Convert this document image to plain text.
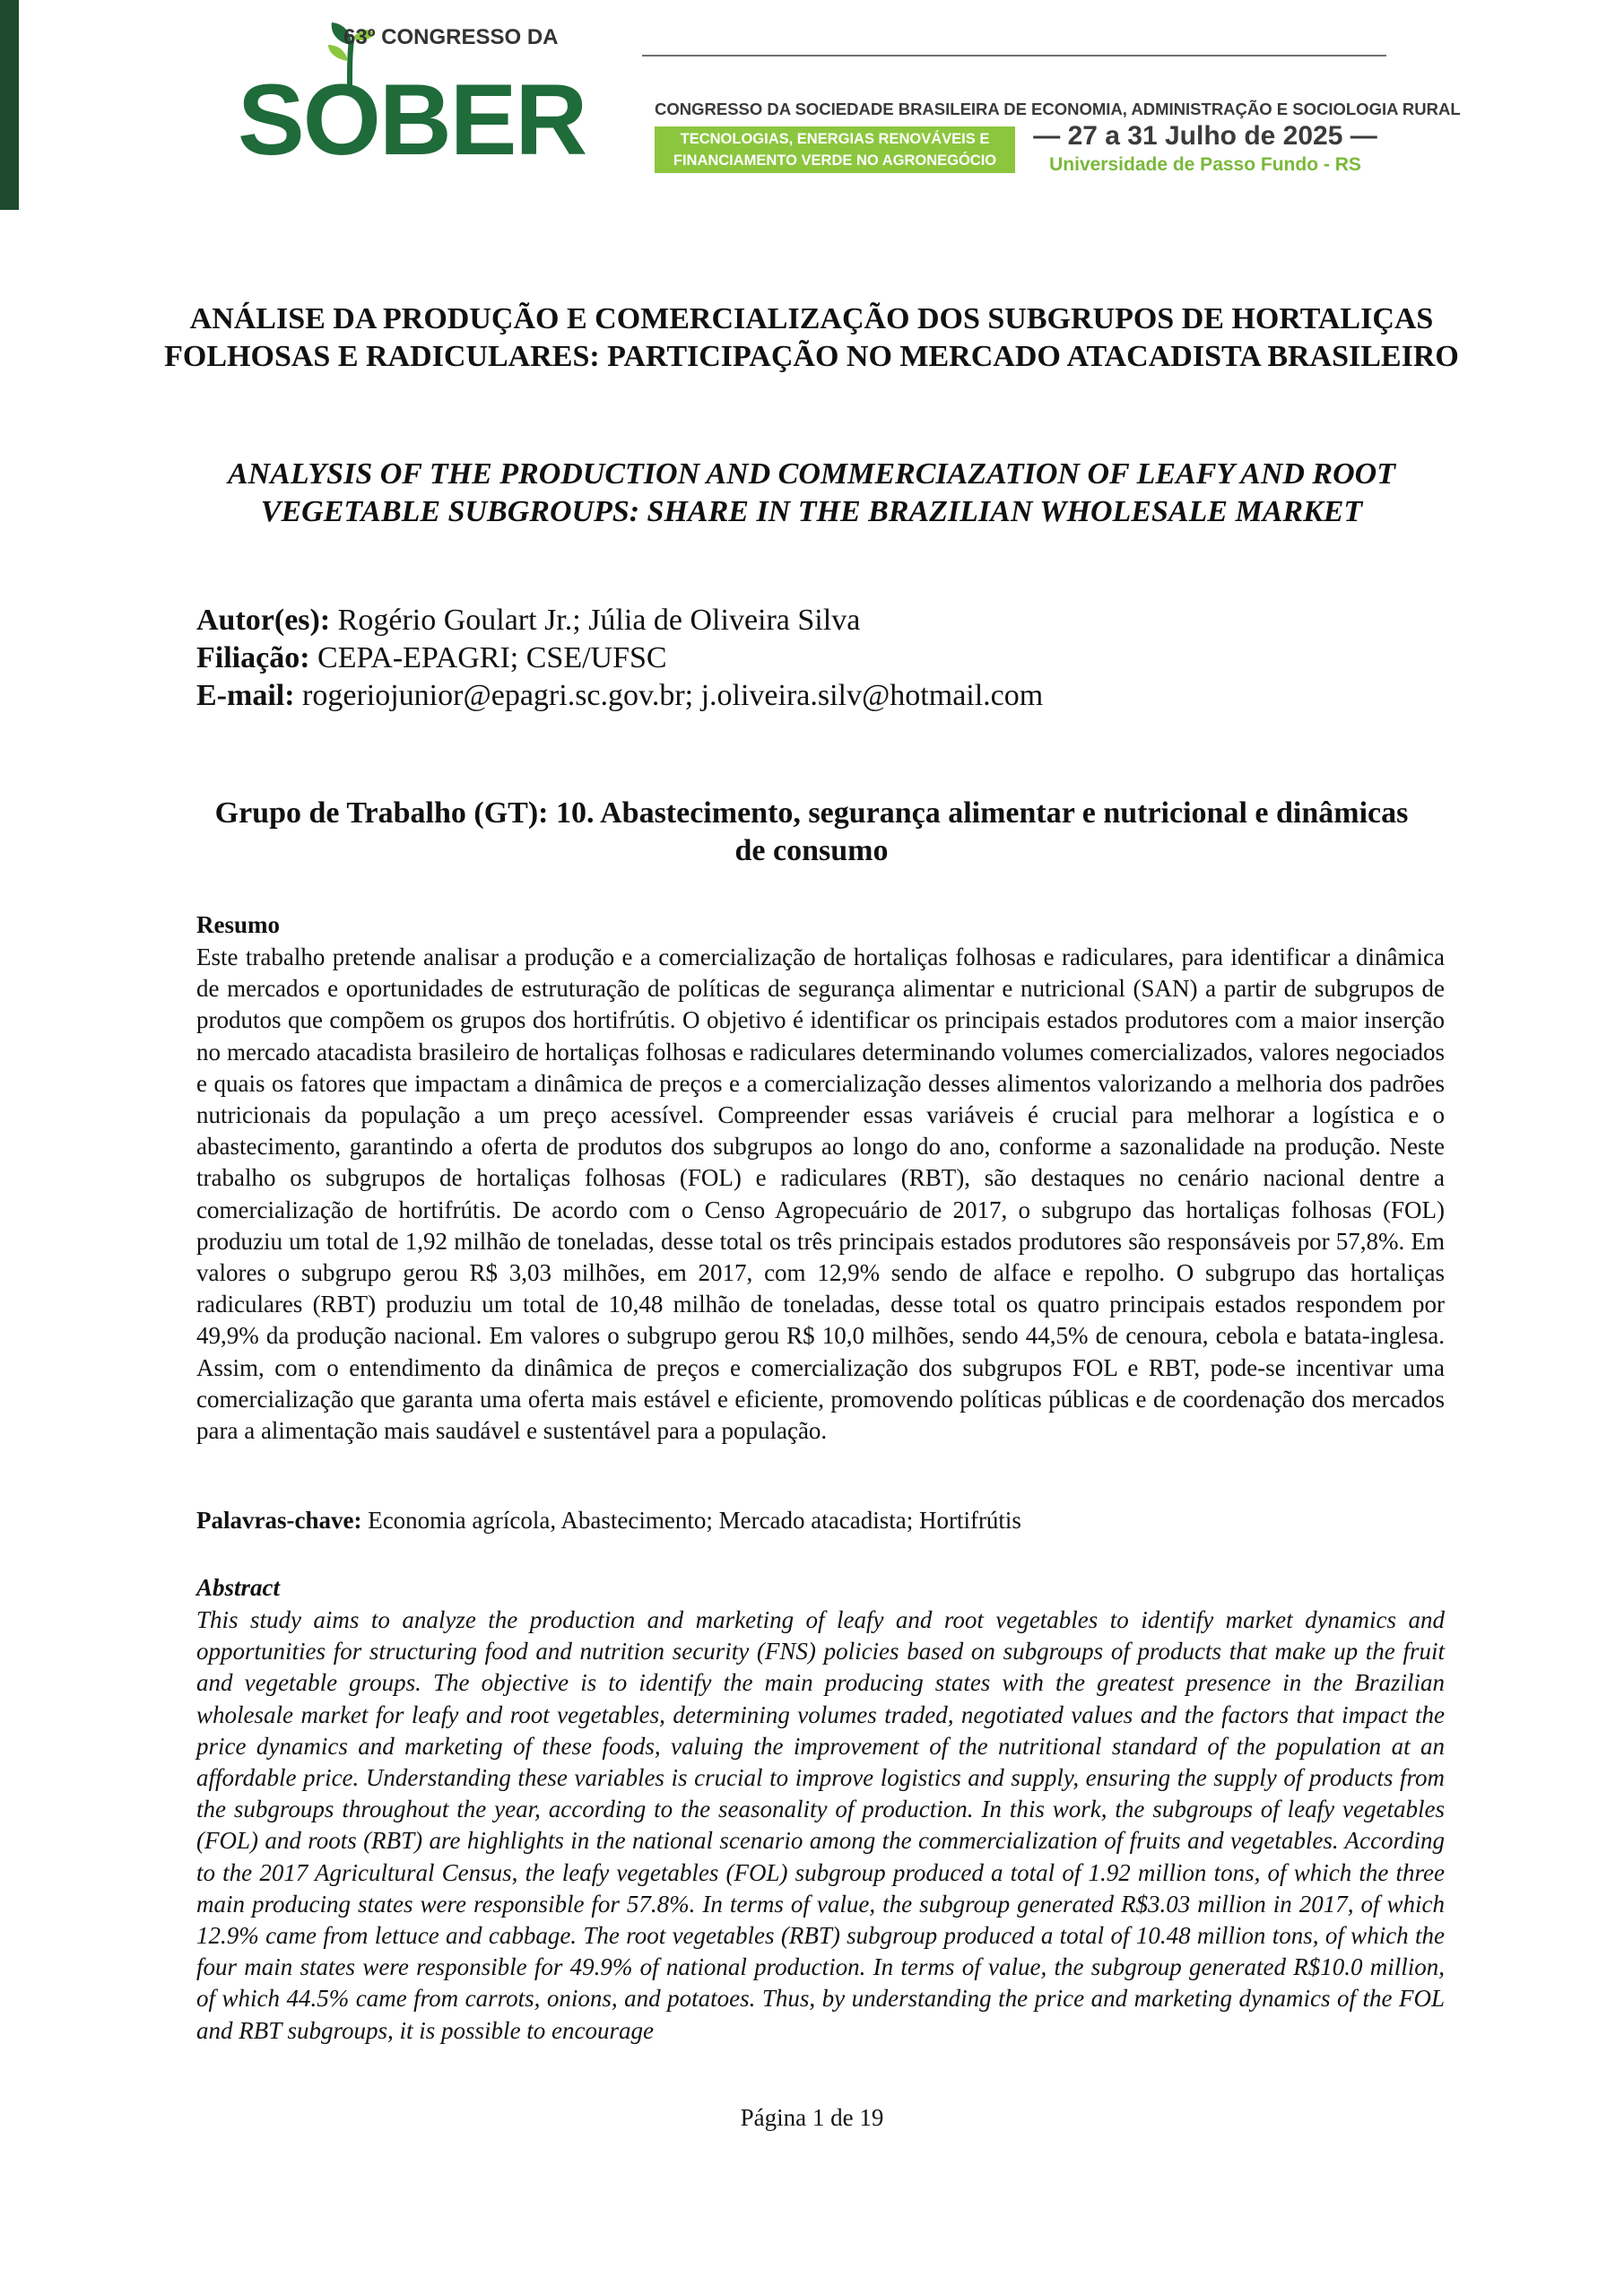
63º CONGRESSO DA
SOBER	CONGRESSO DA SOCIEDADE BRASILEIRA DE ECONOMIA, ADMINISTRAÇÃO E SOCIOLOGIA RURAL
TECNOLOGIAS, ENERGIAS RENOVÁVEIS E
FINANCIAMENTO VERDE NO AGRONEGÓCIO
— 27 a 31 Julho de 2025 —
Universidade de Passo Fundo - RS
ANÁLISE DA PRODUÇÃO E COMERCIALIZAÇÃO DOS SUBGRUPOS DE HORTALIÇAS FOLHOSAS E RADICULARES: PARTICIPAÇÃO NO MERCADO ATACADISTA BRASILEIRO
ANALYSIS OF THE PRODUCTION AND COMMERCIAZATION OF LEAFY AND ROOT VEGETABLE SUBGROUPS: SHARE IN THE BRAZILIAN WHOLESALE MARKET
Autor(es): Rogério Goulart Jr.; Júlia de Oliveira Silva
Filiação: CEPA-EPAGRI; CSE/UFSC
E-mail: rogeriojunior@epagri.sc.gov.br; j.oliveira.silv@hotmail.com
Grupo de Trabalho (GT): 10. Abastecimento, segurança alimentar e nutricional e dinâmicas de consumo
Resumo

Este trabalho pretende analisar a produção e a comercialização de hortaliças folhosas e radiculares, para identificar a dinâmica de mercados e oportunidades de estruturação de políticas de segurança alimentar e nutricional (SAN) a partir de subgrupos de produtos que compõem os grupos dos hortifrútis. O objetivo é identificar os principais estados produtores com a maior inserção no mercado atacadista brasileiro de hortaliças folhosas e radiculares determinando volumes comercializados, valores negociados e quais os fatores que impactam a dinâmica de preços e a comercialização desses alimentos valorizando a melhoria dos padrões nutricionais da população a um preço acessível. Compreender essas variáveis é crucial para melhorar a logística e o abastecimento, garantindo a oferta de produtos dos subgrupos ao longo do ano, conforme a sazonalidade na produção. Neste trabalho os subgrupos de hortaliças folhosas (FOL) e radiculares (RBT), são destaques no cenário nacional dentre a comercialização de hortifrútis. De acordo com o Censo Agropecuário de 2017, o subgrupo das hortaliças folhosas (FOL) produziu um total de 1,92 milhão de toneladas, desse total os três principais estados produtores são responsáveis por 57,8%. Em valores o subgrupo gerou R$ 3,03 milhões, em 2017, com 12,9% sendo de alface e repolho. O subgrupo das hortaliças radiculares (RBT) produziu um total de 10,48 milhão de toneladas, desse total os quatro principais estados respondem por 49,9% da produção nacional. Em valores o subgrupo gerou R$ 10,0 milhões, sendo 44,5% de cenoura, cebola e batata-inglesa. Assim, com o entendimento da dinâmica de preços e comercialização dos subgrupos FOL e RBT, pode-se incentivar uma comercialização que garanta uma oferta mais estável e eficiente, promovendo políticas públicas e de coordenação dos mercados para a alimentação mais saudável e sustentável para a população.

Palavras-chave: Economia agrícola, Abastecimento; Mercado atacadista; Hortifrútis
Abstract

This study aims to analyze the production and marketing of leafy and root vegetables to identify market dynamics and opportunities for structuring food and nutrition security (FNS) policies based on subgroups of products that make up the fruit and vegetable groups. The objective is to identify the main producing states with the greatest presence in the Brazilian wholesale market for leafy and root vegetables, determining volumes traded, negotiated values and the factors that impact the price dynamics and marketing of these foods, valuing the improvement of the nutritional standard of the population at an affordable price. Understanding these variables is crucial to improve logistics and supply, ensuring the supply of products from the subgroups throughout the year, according to the seasonality of production. In this work, the subgroups of leafy vegetables (FOL) and roots (RBT) are highlights in the national scenario among the commercialization of fruits and vegetables. According to the 2017 Agricultural Census, the leafy vegetables (FOL) subgroup produced a total of 1.92 million tons, of which the three main producing states were responsible for 57.8%. In terms of value, the subgroup generated R$3.03 million in 2017, of which 12.9% came from lettuce and cabbage. The root vegetables (RBT) subgroup produced a total of 10.48 million tons, of which the four main states were responsible for 49.9% of national production. In terms of value, the subgroup generated R$10.0 million, of which 44.5% came from carrots, onions, and potatoes. Thus, by understanding the price and marketing dynamics of the FOL and RBT subgroups, it is possible to encourage

Página 1 de 19
